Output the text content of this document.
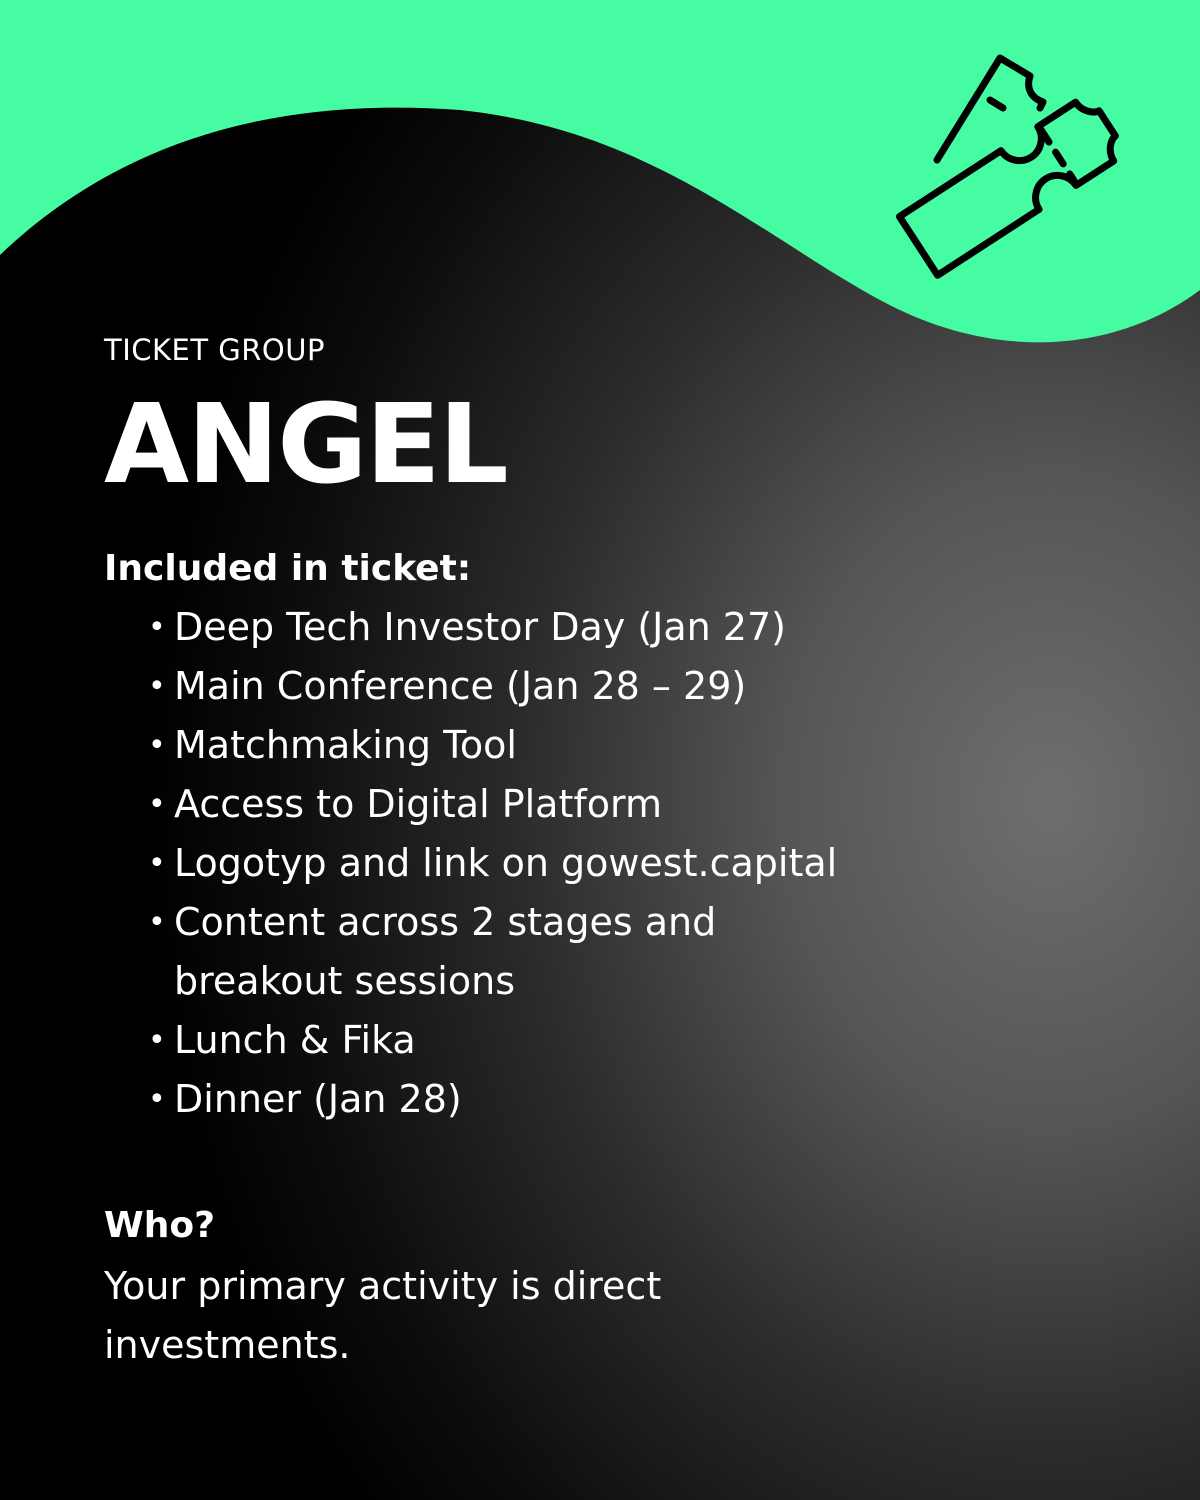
TICKET GROUP

ANGEL
Included in ticket:
• Deep Tech Investor Day (Jan 27)
• Main Conference (Jan 28 – 29)
• Matchmaking Tool
• Access to Digital Platform
• Logotyp and link on gowest.capital
• Content across 2 stages and breakout sessions
• Lunch & Fika
• Dinner (Jan 28)
Who?

Your primary activity is direct investments.
